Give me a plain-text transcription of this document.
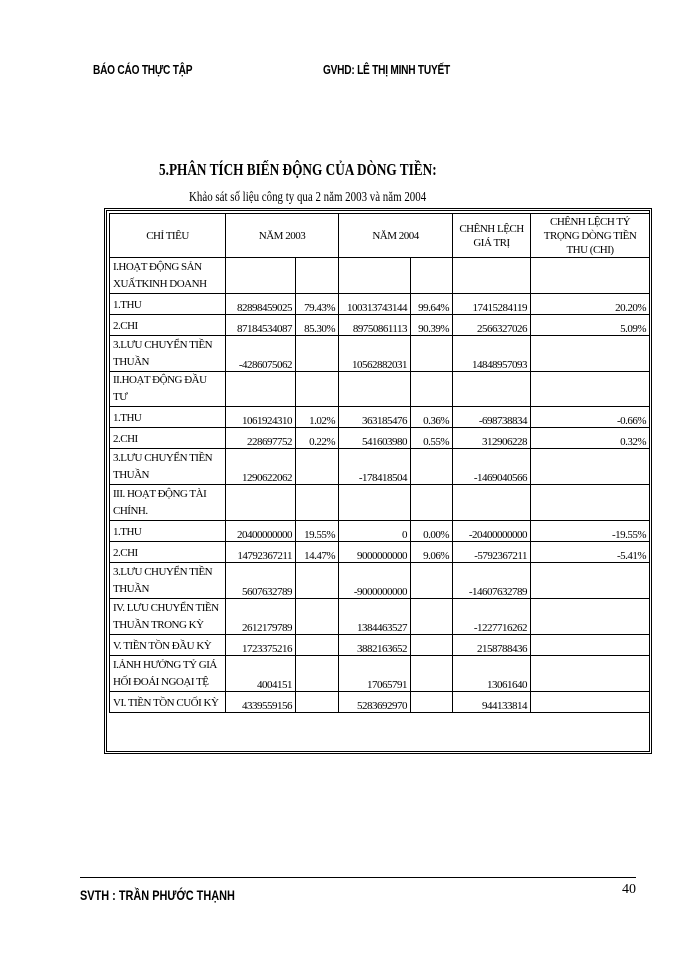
BÁO CÁO THỰC TẬP	GVHD: LÊ THỊ MINH TUYẾT
5.PHÂN TÍCH BIẾN ĐỘNG CỦA DÒNG TIỀN:
Khảo sát số liệu công ty qua 2 năm 2003 và năm 2004
CHỈ TIÊU	NĂM 2003		NĂM 2004		CHÊNH LỆCH GIÁ TRỊ	CHÊNH LỆCH TỶ TRỌNG DÒNG TIỀN THU (CHI)
I.HOẠT ĐỘNG SẢN XUẤTKINH DOANH						
1.THU	82898459025	79.43%	100313743144	99.64%	17415284119	20.20%
2.CHI	87184534087	85.30%	89750861113	90.39%	2566327026	5.09%
3.LƯU CHUYỂN TIỀN THUẦN	-4286075062		10562882031		14848957093	
II.HOẠT ĐỘNG ĐẦU TƯ						
1.THU	1061924310	1.02%	363185476	0.36%	-698738834	-0.66%
2.CHI	228697752	0.22%	541603980	0.55%	312906228	0.32%
3.LƯU CHUYỂN TIỀN THUẦN	1290622062		-178418504		-1469040566	
III. HOẠT ĐỘNG TÀI CHÍNH.						
1.THU	20400000000	19.55%	0	0.00%	-20400000000	-19.55%
2.CHI	14792367211	14.47%	9000000000	9.06%	-5792367211	-5.41%
3.LƯU CHUYỂN TIỀN THUẦN	5607632789		-9000000000		-14607632789	
IV. LƯU CHUYỂN TIỀN THUẦN TRONG KỲ	2612179789		1384463527		-1227716262	
V. TIỀN TỒN ĐẦU KỲ	1723375216		3882163652		2158788436	
I.ẢNH HƯỞNG TỶ GIÁ HỐI ĐOÁI NGOẠI TỆ	4004151		17065791		13061640	
VI. TIỀN TỒN CUỐI KỲ	4339559156		5283692970		944133814	
SVTH : TRẦN PHƯỚC THẠNH	40
